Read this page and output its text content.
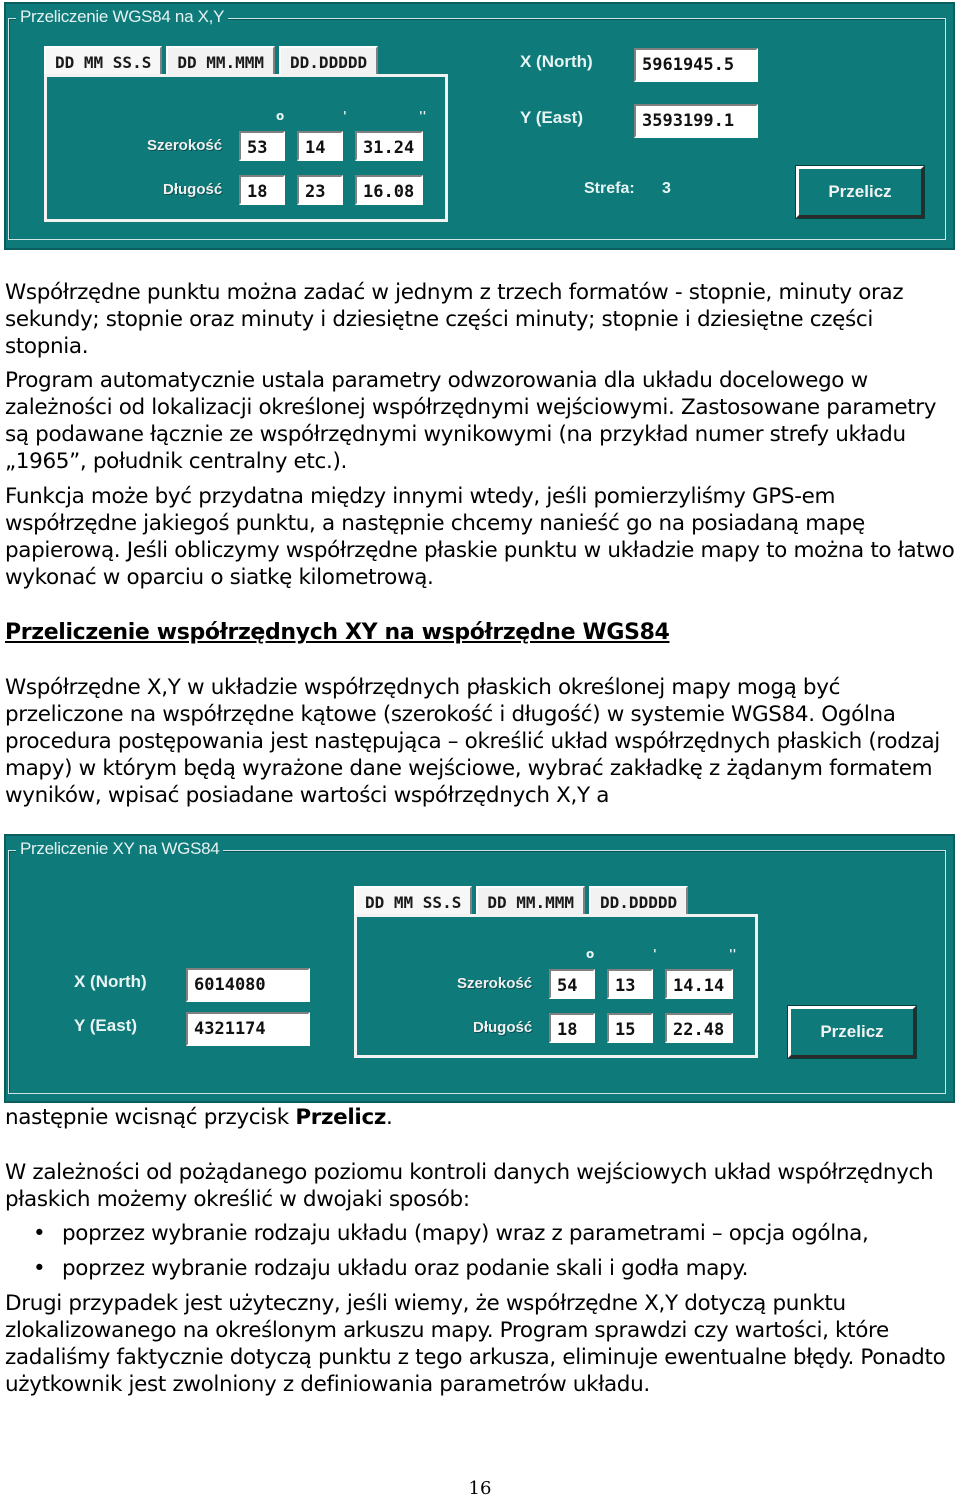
Przeliczenie WGS84 na X,Y
DD MM SS.S	DD MM.MMM	DD.DDDDD
o	'	''
Szerokość	53	14	31.24
Długość	18	23	16.08
X (North)	5961945.5
Y (East)	3593199.1
Strefa: 3	Przelicz

Współrzędne punktu można zadać w jednym z trzech formatów - stopnie, minuty oraz sekundy; stopnie oraz minuty i dziesiętne części minuty; stopnie i dziesiętne części stopnia.

Program automatycznie ustala parametry odwzorowania dla układu docelowego w zależności od lokalizacji określonej współrzędnymi wejściowymi. Zastosowane parametry są podawane łącznie ze współrzędnymi wynikowymi (na przykład numer strefy układu „1965”, południk centralny etc.).

Funkcja może być przydatna między innymi wtedy, jeśli pomierzyliśmy GPS-em współrzędne jakiegoś punktu, a następnie chcemy nanieść go na posiadaną mapę papierową. Jeśli obliczymy współrzędne płaskie punktu w układzie mapy to można to łatwo wykonać w oparciu o siatkę kilometrową.

Przeliczenie współrzędnych XY na współrzędne WGS84

Współrzędne X,Y w układzie współrzędnych płaskich określonej mapy mogą być przeliczone na współrzędne kątowe (szerokość i długość) w systemie WGS84. Ogólna procedura postępowania jest następująca – określić układ współrzędnych płaskich (rodzaj mapy) w którym będą wyrażone dane wejściowe, wybrać zakładkę z żądanym formatem wyników, wpisać posiadane wartości współrzędnych X,Y a

Przeliczenie XY na WGS84
X (North)	6014080
Y (East)	4321174
DD MM SS.S	DD MM.MMM	DD.DDDDD
o	'	''
Szerokość	54	13	14.14
Długość	18	15	22.48	Przelicz

następnie wcisnąć przycisk Przelicz.

W zależności od pożądanego poziomu kontroli danych wejściowych układ współrzędnych płaskich możemy określić w dwojaki sposób:

• poprzez wybranie rodzaju układu (mapy) wraz z parametrami – opcja ogólna,
• poprzez wybranie rodzaju układu oraz podanie skali i godła mapy.

Drugi przypadek jest użyteczny, jeśli wiemy, że współrzędne X,Y dotyczą punktu zlokalizowanego na określonym arkuszu mapy. Program sprawdzi czy wartości, które zadaliśmy faktycznie dotyczą punktu z tego arkusza, eliminuje ewentualne błędy. Ponadto użytkownik jest zwolniony z definiowania parametrów układu.

16
